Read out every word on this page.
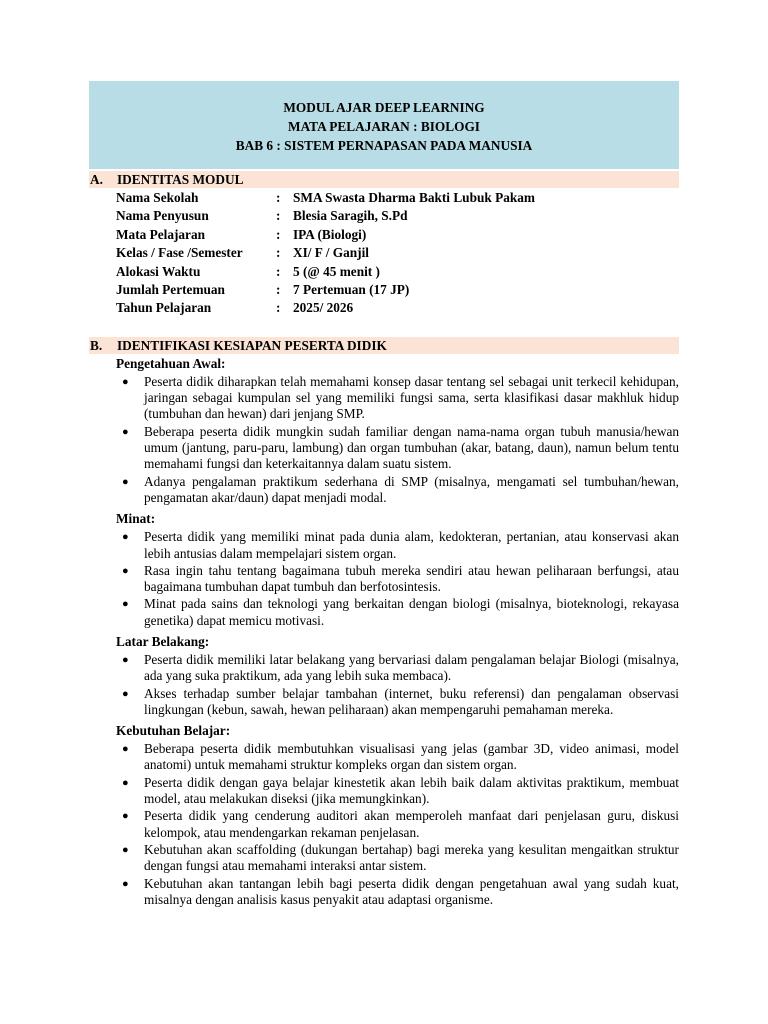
MODUL AJAR DEEP LEARNING
MATA PELAJARAN : BIOLOGI
BAB 6 : SISTEM PERNAPASAN PADA MANUSIA
A.	IDENTITAS MODUL
Nama Sekolah	: SMA Swasta Dharma Bakti Lubuk Pakam
Nama Penyusun	: Blesia Saragih, S.Pd
Mata Pelajaran	: IPA (Biologi)
Kelas / Fase /Semester	: XI/ F / Ganjil
Alokasi Waktu	: 5 (@ 45 menit )
Jumlah Pertemuan	: 7 Pertemuan (17 JP)
Tahun Pelajaran	: 2025/ 2026
B.	IDENTIFIKASI KESIAPAN PESERTA DIDIK
Pengetahuan Awal:
● Peserta didik diharapkan telah memahami konsep dasar tentang sel sebagai unit terkecil kehidupan, jaringan sebagai kumpulan sel yang memiliki fungsi sama, serta klasifikasi dasar makhluk hidup (tumbuhan dan hewan) dari jenjang SMP.
● Beberapa peserta didik mungkin sudah familiar dengan nama-nama organ tubuh manusia/hewan umum (jantung, paru-paru, lambung) dan organ tumbuhan (akar, batang, daun), namun belum tentu memahami fungsi dan keterkaitannya dalam suatu sistem.
● Adanya pengalaman praktikum sederhana di SMP (misalnya, mengamati sel tumbuhan/hewan, pengamatan akar/daun) dapat menjadi modal.
Minat:
● Peserta didik yang memiliki minat pada dunia alam, kedokteran, pertanian, atau konservasi akan lebih antusias dalam mempelajari sistem organ.
● Rasa ingin tahu tentang bagaimana tubuh mereka sendiri atau hewan peliharaan berfungsi, atau bagaimana tumbuhan dapat tumbuh dan berfotosintesis.
● Minat pada sains dan teknologi yang berkaitan dengan biologi (misalnya, bioteknologi, rekayasa genetika) dapat memicu motivasi.
Latar Belakang:
● Peserta didik memiliki latar belakang yang bervariasi dalam pengalaman belajar Biologi (misalnya, ada yang suka praktikum, ada yang lebih suka membaca).
● Akses terhadap sumber belajar tambahan (internet, buku referensi) dan pengalaman observasi lingkungan (kebun, sawah, hewan peliharaan) akan mempengaruhi pemahaman mereka.
Kebutuhan Belajar:
● Beberapa peserta didik membutuhkan visualisasi yang jelas (gambar 3D, video animasi, model anatomi) untuk memahami struktur kompleks organ dan sistem organ.
● Peserta didik dengan gaya belajar kinestetik akan lebih baik dalam aktivitas praktikum, membuat model, atau melakukan diseksi (jika memungkinkan).
● Peserta didik yang cenderung auditori akan memperoleh manfaat dari penjelasan guru, diskusi kelompok, atau mendengarkan rekaman penjelasan.
● Kebutuhan akan scaffolding (dukungan bertahap) bagi mereka yang kesulitan mengaitkan struktur dengan fungsi atau memahami interaksi antar sistem.
● Kebutuhan akan tantangan lebih bagi peserta didik dengan pengetahuan awal yang sudah kuat, misalnya dengan analisis kasus penyakit atau adaptasi organisme.
